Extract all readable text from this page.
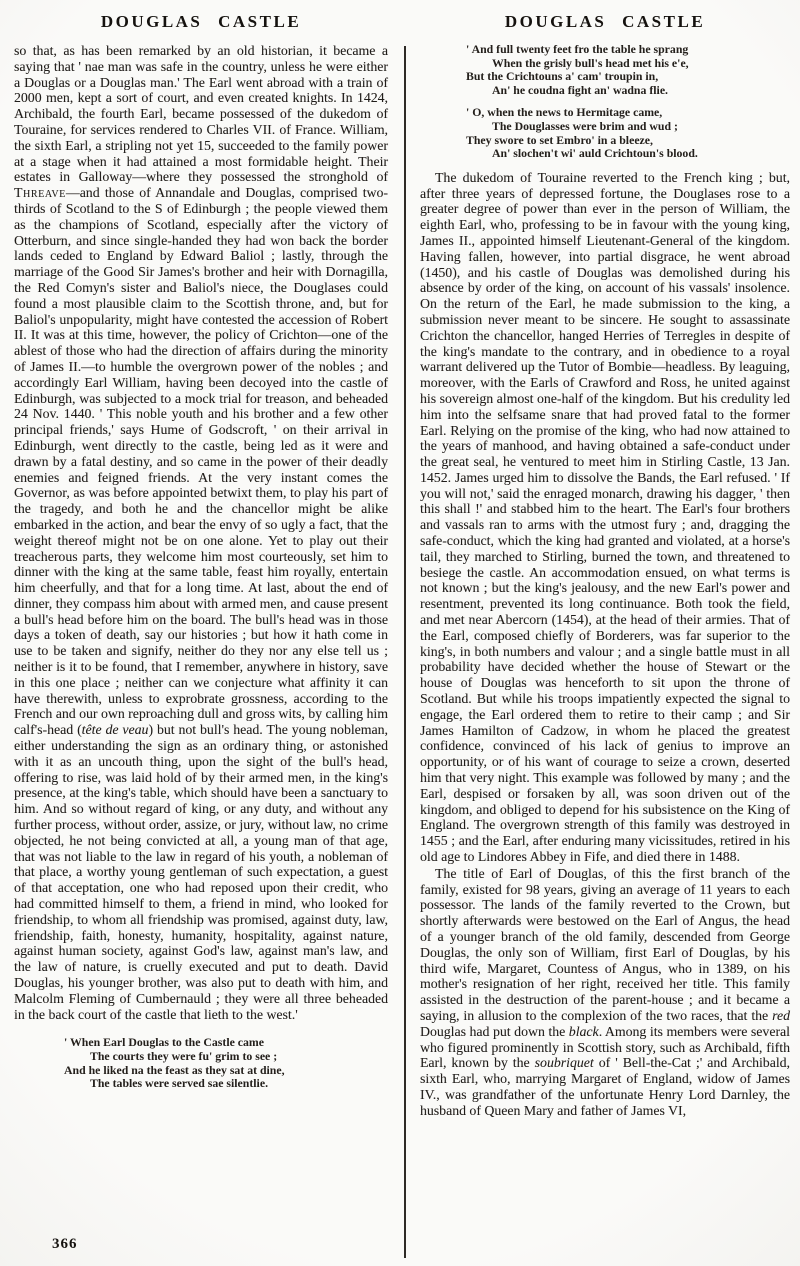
DOUGLAS CASTLE

so that, as has been remarked by an old historian, it became a saying that ' nae man was safe in the country, unless he were either a Douglas or a Douglas man.' The Earl went abroad with a train of 2000 men, kept a sort of court, and even created knights. In 1424, Archibald, the fourth Earl, became possessed of the dukedom of Touraine, for services rendered to Charles VII. of France. William, the sixth Earl, a stripling not yet 15, succeeded to the family power at a stage when it had attained a most formidable height. Their estates in Galloway—where they possessed the stronghold of Threave—and those of Annandale and Douglas, comprised two-thirds of Scotland to the S of Edinburgh ; the people viewed them as the champions of Scotland, especially after the victory of Otterburn, and since single-handed they had won back the border lands ceded to England by Edward Baliol ; lastly, through the marriage of the Good Sir James's brother and heir with Dornagilla, the Red Comyn's sister and Baliol's niece, the Douglases could found a most plausible claim to the Scottish throne, and, but for Baliol's unpopularity, might have contested the accession of Robert II. It was at this time, however, the policy of Crichton—one of the ablest of those who had the direction of affairs during the minority of James II.—to humble the overgrown power of the nobles ; and accordingly Earl William, having been decoyed into the castle of Edinburgh, was subjected to a mock trial for treason, and beheaded 24 Nov. 1440. ' This noble youth and his brother and a few other principal friends,' says Hume of Godscroft, ' on their arrival in Edinburgh, went directly to the castle, being led as it were and drawn by a fatal destiny, and so came in the power of their deadly enemies and feigned friends. At the very instant comes the Governor, as was before appointed betwixt them, to play his part of the tragedy, and both he and the chancellor might be alike embarked in the action, and bear the envy of so ugly a fact, that the weight thereof might not be on one alone. Yet to play out their treacherous parts, they welcome him most courteously, set him to dinner with the king at the same table, feast him royally, entertain him cheerfully, and that for a long time. At last, about the end of dinner, they compass him about with armed men, and cause present a bull's head before him on the board. The bull's head was in those days a token of death, say our histories ; but how it hath come in use to be taken and signify, neither do they nor any else tell us ; neither is it to be found, that I remember, anywhere in history, save in this one place ; neither can we conjecture what affinity it can have therewith, unless to exprobrate grossness, according to the French and our own reproaching dull and gross wits, by calling him calf's-head (tête de veau) but not bull's head. The young nobleman, either understanding the sign as an ordinary thing, or astonished with it as an uncouth thing, upon the sight of the bull's head, offering to rise, was laid hold of by their armed men, in the king's presence, at the king's table, which should have been a sanctuary to him. And so without regard of king, or any duty, and without any further process, without order, assize, or jury, without law, no crime objected, he not being convicted at all, a young man of that age, that was not liable to the law in regard of his youth, a nobleman of that place, a worthy young gentleman of such expectation, a guest of that acceptation, one who had reposed upon their credit, who had committed himself to them, a friend in mind, who looked for friendship, to whom all friendship was promised, against duty, law, friendship, faith, honesty, humanity, hospitality, against nature, against human society, against God's law, against man's law, and the law of nature, is cruelly executed and put to death. David Douglas, his younger brother, was also put to death with him, and Malcolm Fleming of Cumbernauld ; they were all three beheaded in the back court of the castle that lieth to the west.'

' When Earl Douglas to the Castle came
The courts they were fu' grim to see ;
And he liked na the feast as they sat at dine,
The tables were served sae silentlie.
DOUGLAS CASTLE
' And full twenty feet fro the table he sprang
When the grisly bull's head met his e'e,
But the Crichtouns a' cam' troupin in,
An' he coudna fight an' wadna flie.
' O, when the news to Hermitage came,
The Douglasses were brim and wud ;
They swore to set Embro' in a bleeze,
An' slochen't wi' auld Crichtoun's blood.

The dukedom of Touraine reverted to the French king ; but, after three years of depressed fortune, the Douglases rose to a greater degree of power than ever in the person of William, the eighth Earl, who, professing to be in favour with the young king, James II., appointed himself Lieutenant-General of the kingdom. Having fallen, however, into partial disgrace, he went abroad (1450), and his castle of Douglas was demolished during his absence by order of the king, on account of his vassals' insolence. On the return of the Earl, he made submission to the king, a submission never meant to be sincere. He sought to assassinate Crichton the chancellor, hanged Herries of Terregles in despite of the king's mandate to the contrary, and in obedience to a royal warrant delivered up the Tutor of Bombie—headless. By leaguing, moreover, with the Earls of Crawford and Ross, he united against his sovereign almost one-half of the kingdom. But his credulity led him into the selfsame snare that had proved fatal to the former Earl. Relying on the promise of the king, who had now attained to the years of manhood, and having obtained a safe-conduct under the great seal, he ventured to meet him in Stirling Castle, 13 Jan. 1452. James urged him to dissolve the Bands, the Earl refused. ' If you will not,' said the enraged monarch, drawing his dagger, ' then this shall !' and stabbed him to the heart. The Earl's four brothers and vassals ran to arms with the utmost fury ; and, dragging the safe-conduct, which the king had granted and violated, at a horse's tail, they marched to Stirling, burned the town, and threatened to besiege the castle. An accommodation ensued, on what terms is not known ; but the king's jealousy, and the new Earl's power and resentment, prevented its long continuance. Both took the field, and met near Abercorn (1454), at the head of their armies. That of the Earl, composed chiefly of Borderers, was far superior to the king's, in both numbers and valour ; and a single battle must in all probability have decided whether the house of Stewart or the house of Douglas was henceforth to sit upon the throne of Scotland. But while his troops impatiently expected the signal to engage, the Earl ordered them to retire to their camp ; and Sir James Hamilton of Cadzow, in whom he placed the greatest confidence, convinced of his lack of genius to improve an opportunity, or of his want of courage to seize a crown, deserted him that very night. This example was followed by many ; and the Earl, despised or forsaken by all, was soon driven out of the kingdom, and obliged to depend for his subsistence on the King of England. The overgrown strength of this family was destroyed in 1455 ; and the Earl, after enduring many vicissitudes, retired in his old age to Lindores Abbey in Fife, and died there in 1488.

The title of Earl of Douglas, of this the first branch of the family, existed for 98 years, giving an average of 11 years to each possessor. The lands of the family reverted to the Crown, but shortly afterwards were bestowed on the Earl of Angus, the head of a younger branch of the old family, descended from George Douglas, the only son of William, first Earl of Douglas, by his third wife, Margaret, Countess of Angus, who in 1389, on his mother's resignation of her right, received her title. This family assisted in the destruction of the parent-house ; and it became a saying, in allusion to the complexion of the two races, that the red Douglas had put down the black. Among its members were several who figured prominently in Scottish story, such as Archibald, fifth Earl, known by the soubriquet of ' Bell-the-Cat ;' and Archibald, sixth Earl, who, marrying Margaret of England, widow of James IV., was grandfather of the unfortunate Henry Lord Darnley, the husband of Queen Mary and father of James VI,

366
